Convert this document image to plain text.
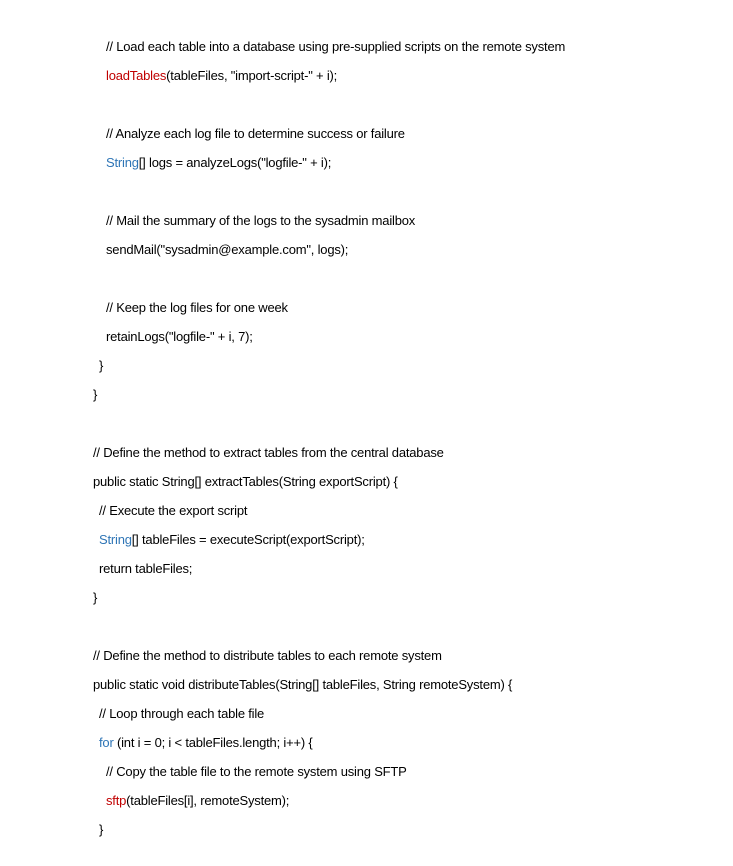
// Load each table into a database using pre-supplied scripts on the remote system
loadTables(tableFiles, "import-script-" + i);
// Analyze each log file to determine success or failure
String[] logs = analyzeLogs("logfile-" + i);
// Mail the summary of the logs to the sysadmin mailbox
sendMail("sysadmin@example.com", logs);
// Keep the log files for one week
retainLogs("logfile-" + i, 7);
}
}
// Define the method to extract tables from the central database
public static String[] extractTables(String exportScript) {
// Execute the export script
String[] tableFiles = executeScript(exportScript);
return tableFiles;
}
// Define the method to distribute tables to each remote system
public static void distributeTables(String[] tableFiles, String remoteSystem) {
// Loop through each table file
for (int i = 0; i < tableFiles.length; i++) {
// Copy the table file to the remote system using SFTP
sftp(tableFiles[i], remoteSystem);
}
